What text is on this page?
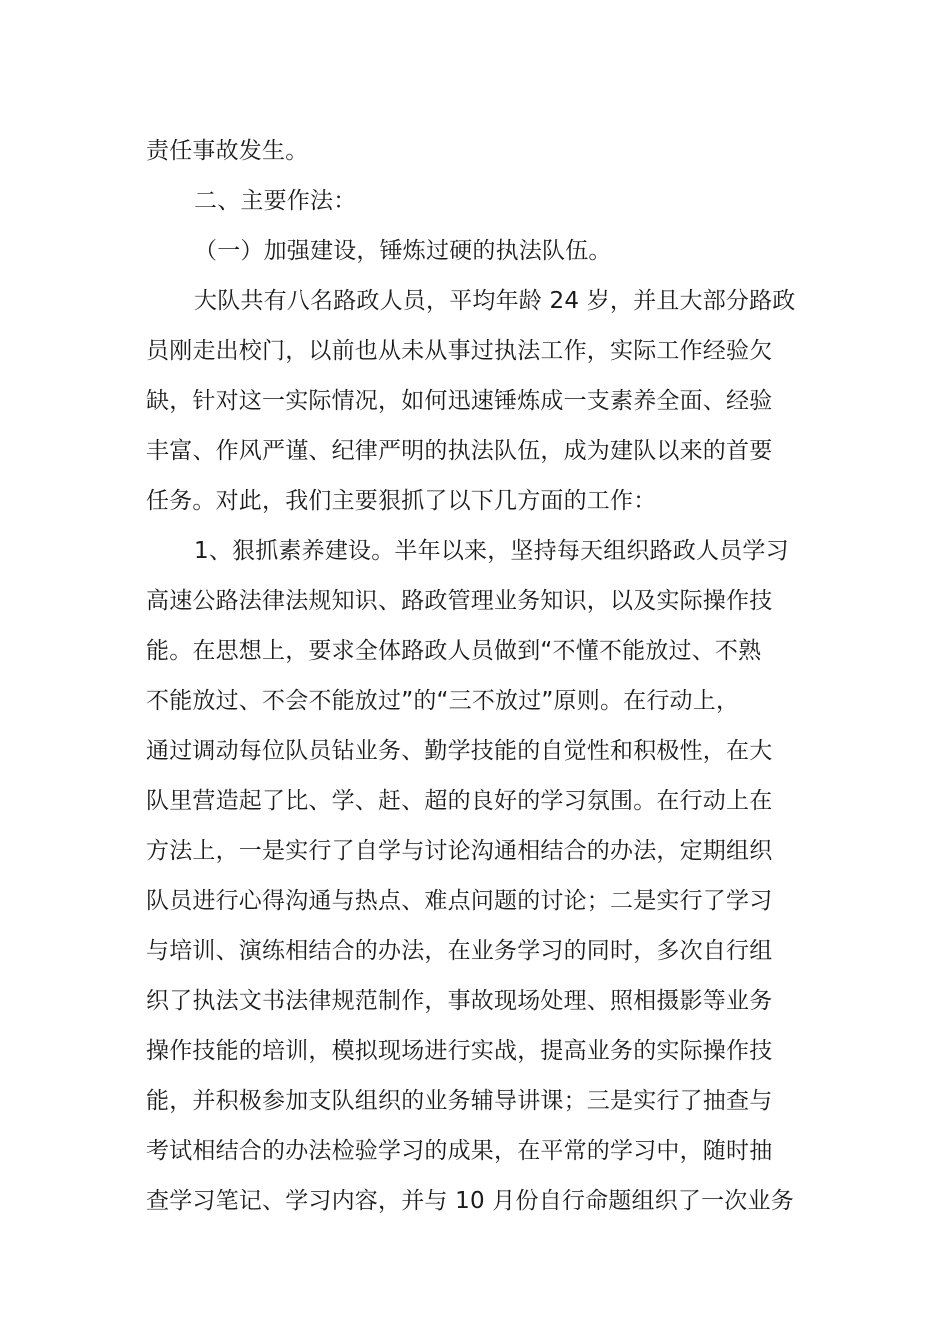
责任事故发生。
二、主要作法：
（一）加强建设，锤炼过硬的执法队伍。
大队共有八名路政人员，平均年龄 24 岁，并且大部分路政
员刚走出校门，以前也从未从事过执法工作，实际工作经验欠
缺，针对这一实际情况，如何迅速锤炼成一支素养全面、经验
丰富、作风严谨、纪律严明的执法队伍，成为建队以来的首要
任务。对此，我们主要狠抓了以下几方面的工作：
1、狠抓素养建设。半年以来，坚持每天组织路政人员学习
高速公路法律法规知识、路政管理业务知识，以及实际操作技
能。在思想上，要求全体路政人员做到“不懂不能放过、不熟
不能放过、不会不能放过”的“三不放过”原则。在行动上，
通过调动每位队员钻业务、勤学技能的自觉性和积极性，在大
队里营造起了比、学、赶、超的良好的学习氛围。在行动上在
方法上，一是实行了自学与讨论沟通相结合的办法，定期组织
队员进行心得沟通与热点、难点问题的讨论；二是实行了学习
与培训、演练相结合的办法，在业务学习的同时，多次自行组
织了执法文书法律规范制作，事故现场处理、照相摄影等业务
操作技能的培训，模拟现场进行实战，提高业务的实际操作技
能，并积极参加支队组织的业务辅导讲课；三是实行了抽查与
考试相结合的办法检验学习的成果，在平常的学习中，随时抽
查学习笔记、学习内容，并与 10 月份自行命题组织了一次业务
